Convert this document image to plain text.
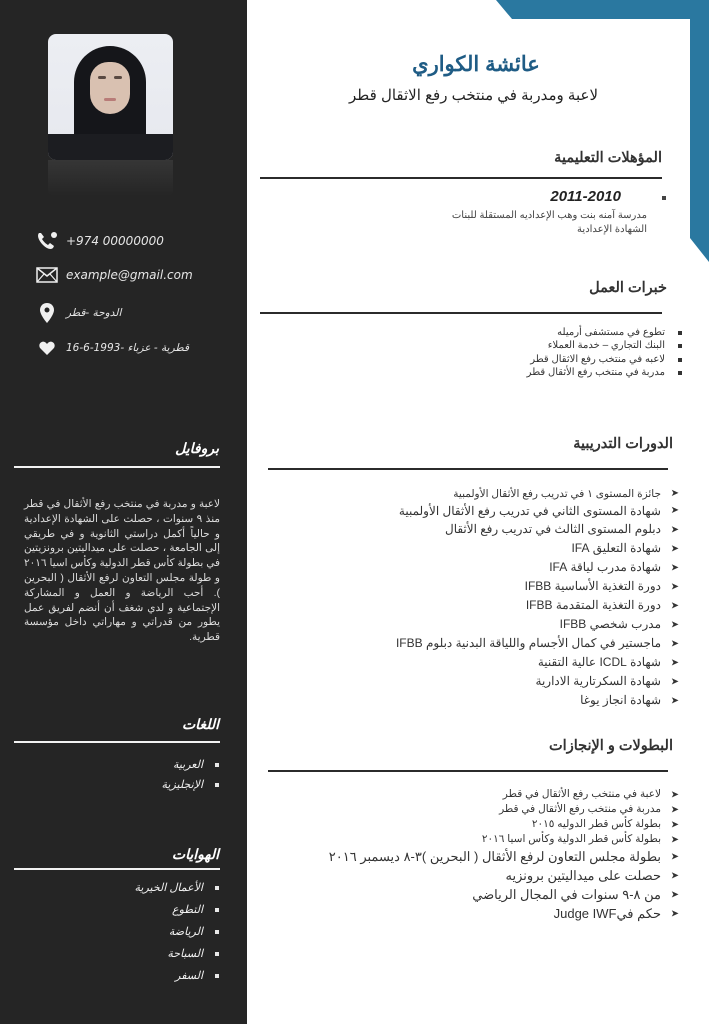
+974 00000000
example@gmail.com
الدوحة -قطر
16-6-1993- قطرية - عزباء
بروفايل
لاعبة و مدربة في منتخب رفع الأثقال في قطر منذ ٩ سنوات ، حصلت على الشهادة الإعدادية و حالياً أكمل دراستي الثانوية و في طريقي إلى الجامعة ، حصلت على ميداليتين برونزيتين في بطولة كأس قطر الدولية وكأس اسيا ٢٠١٦ و طولة مجلس التعاون لرفع الأثقال ( البحرين ). أحب الرياضة و العمل و المشاركة الإجتماعية و لدي شغف أن أنضم لفريق عمل يطور من قدراتي و مهاراتي داخل مؤسسة قطرية.
اللغات
العربية
الإنجليزية
الهوايات
الأعمال الخيرية
التطوع
الرياضة
السباحة
السفر
عائشة الكواري
لاعبة ومدربة في منتخب رفع الاثقال قطر
المؤهلات التعليمية
2011-2010
مدرسة آمنه بنت وهب الإعداديه المستقلة للبنات
الشهادة الإعدادية
خبرات العمل
تطوع في مستشفى أرميله
البنك التجاري – خدمة العملاء
لاعبه في منتخب رفع الاثقال قطر
مدربة في منتخب رفع الأثقال قطر
الدورات التدريبية
➤
جائزة المستوى ١ في تدريب رفع الأثقال الأولمبية
➤
شهادة المستوى الثاني في تدريب رفع الأثقال الأولمبية
➤
دبلوم المستوى الثالث في تدريب رفع الأثقال
➤
شهادة التعليق IFA
➤
شهادة مدرب لياقة IFA
➤
دورة التغذية الأساسية IFBB
➤
دورة التغذية المتقدمة IFBB
➤
مدرب شخصي IFBB
➤
ماجستير في كمال الأجسام واللياقة البدنية دبلوم IFBB
➤
شهادة ICDL عالية التقنية
➤
شهادة السكرتارية الادارية
➤
شهادة انجاز يوغا
البطولات و الإنجازات
➤
لاعبة في منتخب رفع الأثقال في قطر
➤
مدربة في منتخب رفع الأثقال في قطر
➤
بطولة كأس قطر الدوليه ٢٠١٥
➤
بطولة كأس قطر الدولية وكأس اسيا ٢٠١٦
➤
بطولة مجلس التعاون لرفع الأثقال ( البحرين )٣-٨ ديسمبر ٢٠١٦
➤
حصلت على ميداليتين برونزيه
➤
من ٨-٩ سنوات في المجال الرياضي
➤
حكم فيJudge IWF
